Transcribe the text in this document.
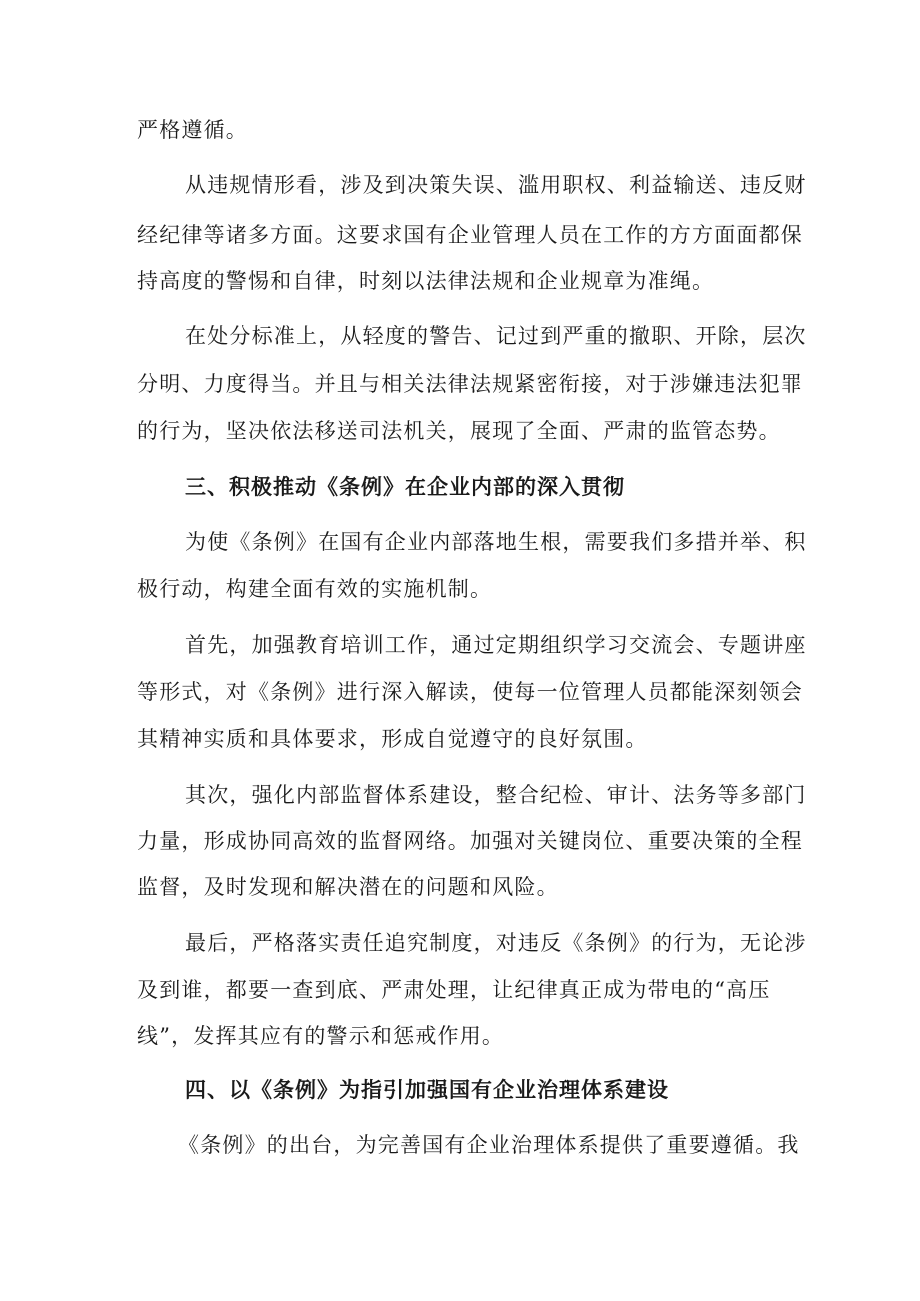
严格遵循。
从违规情形看，涉及到决策失误、滥用职权、利益输送、违反财
经纪律等诸多方面。这要求国有企业管理人员在工作的方方面面都保
持高度的警惕和自律，时刻以法律法规和企业规章为准绳。
在处分标准上，从轻度的警告、记过到严重的撤职、开除，层次
分明、力度得当。并且与相关法律法规紧密衔接，对于涉嫌违法犯罪
的行为，坚决依法移送司法机关，展现了全面、严肃的监管态势。
三、积极推动《条例》在企业内部的深入贯彻
为使《条例》在国有企业内部落地生根，需要我们多措并举、积
极行动，构建全面有效的实施机制。
首先，加强教育培训工作，通过定期组织学习交流会、专题讲座
等形式，对《条例》进行深入解读，使每一位管理人员都能深刻领会
其精神实质和具体要求，形成自觉遵守的良好氛围。
其次，强化内部监督体系建设，整合纪检、审计、法务等多部门
力量，形成协同高效的监督网络。加强对关键岗位、重要决策的全程
监督，及时发现和解决潜在的问题和风险。
最后，严格落实责任追究制度，对违反《条例》的行为，无论涉
及到谁，都要一查到底、严肃处理，让纪律真正成为带电的“高压
线”，发挥其应有的警示和惩戒作用。
四、以《条例》为指引加强国有企业治理体系建设
《条例》的出台，为完善国有企业治理体系提供了重要遵循。我
